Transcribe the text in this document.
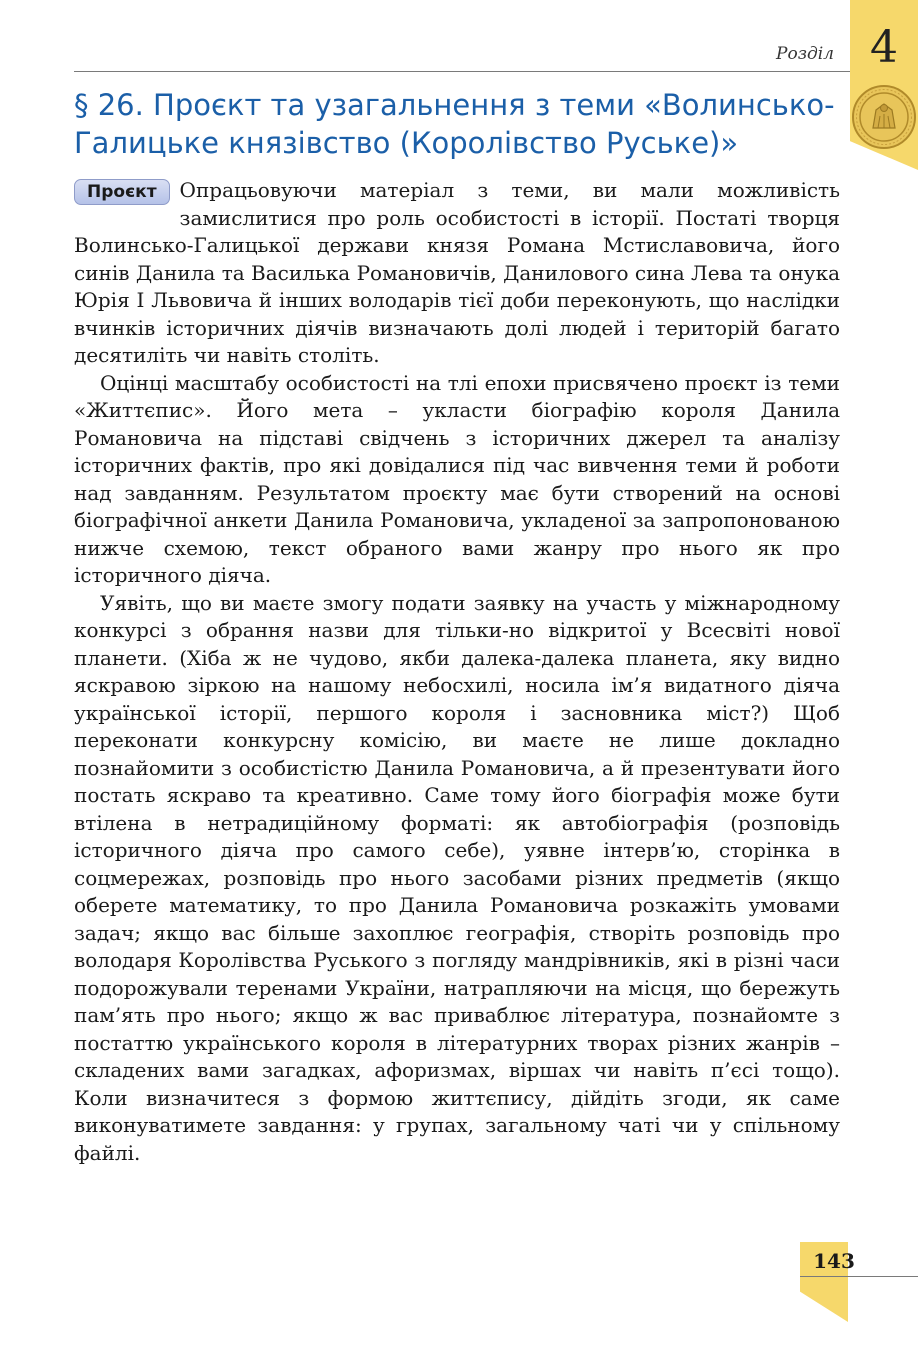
Розділ 4
§ 26. Проєкт та узагальнення з теми «Волинсько-Галицьке князівство (Королівство Руське)»
Проєкт	Опрацьовуючи матеріал з теми, ви мали можливість замислитися про роль особистості в історії. Постаті творця Волинсько-Галицької держави князя Романа Мстиславовича, його синів Данила та Василька Романовичів, Данилового сина Лева та онука Юрія І Львовича й інших володарів тієї доби переконують, що наслідки вчинків історичних діячів визначають долі людей і територій багато десятиліть чи навіть століть.

Оцінці масштабу особистості на тлі епохи присвячено проєкт із теми «Життєпис». Його мета – укласти біографію короля Данила Романовича на підставі свідчень з історичних джерел та аналізу історичних фактів, про які довідалися під час вивчення теми й роботи над завданням. Результатом проєкту має бути створений на основі біографічної анкети Данила Романовича, укладеної за запропонованою нижче схемою, текст обраного вами жанру про нього як про історичного діяча.

Уявіть, що ви маєте змогу подати заявку на участь у міжнародному конкурсі з обрання назви для тільки-но відкритої у Всесвіті нової планети. (Хіба ж не чудово, якби далека-далека планета, яку видно яскравою зіркою на нашому небосхилі, носила ім’я видатного діяча української історії, першого короля і засновника міст?) Щоб переконати конкурсну комісію, ви маєте не лише докладно познайомити з особистістю Данила Романовича, а й презентувати його постать яскраво та креативно. Саме тому його біографія може бути втілена в нетрадиційному форматі: як автобіографія (розповідь історичного діяча про самого себе), уявне інтерв’ю, сторінка в соцмережах, розповідь про нього засобами різних предметів (якщо оберете математику, то про Данила Романовича розкажіть умовами задач; якщо вас більше захоплює географія, створіть розповідь про володаря Королівства Руського з погляду мандрівників, які в різні часи подорожували теренами України, натрапляючи на місця, що бережуть пам’ять про нього; якщо ж вас приваблює література, познайомте з постаттю українського короля в літературних творах різних жанрів – складених вами загадках, афоризмах, віршах чи навіть п’єсі тощо). Коли визначитеся з формою життєпису, дійдіть згоди, як саме виконуватимете завдання: у групах, загальному чаті чи у спільному файлі.

143
